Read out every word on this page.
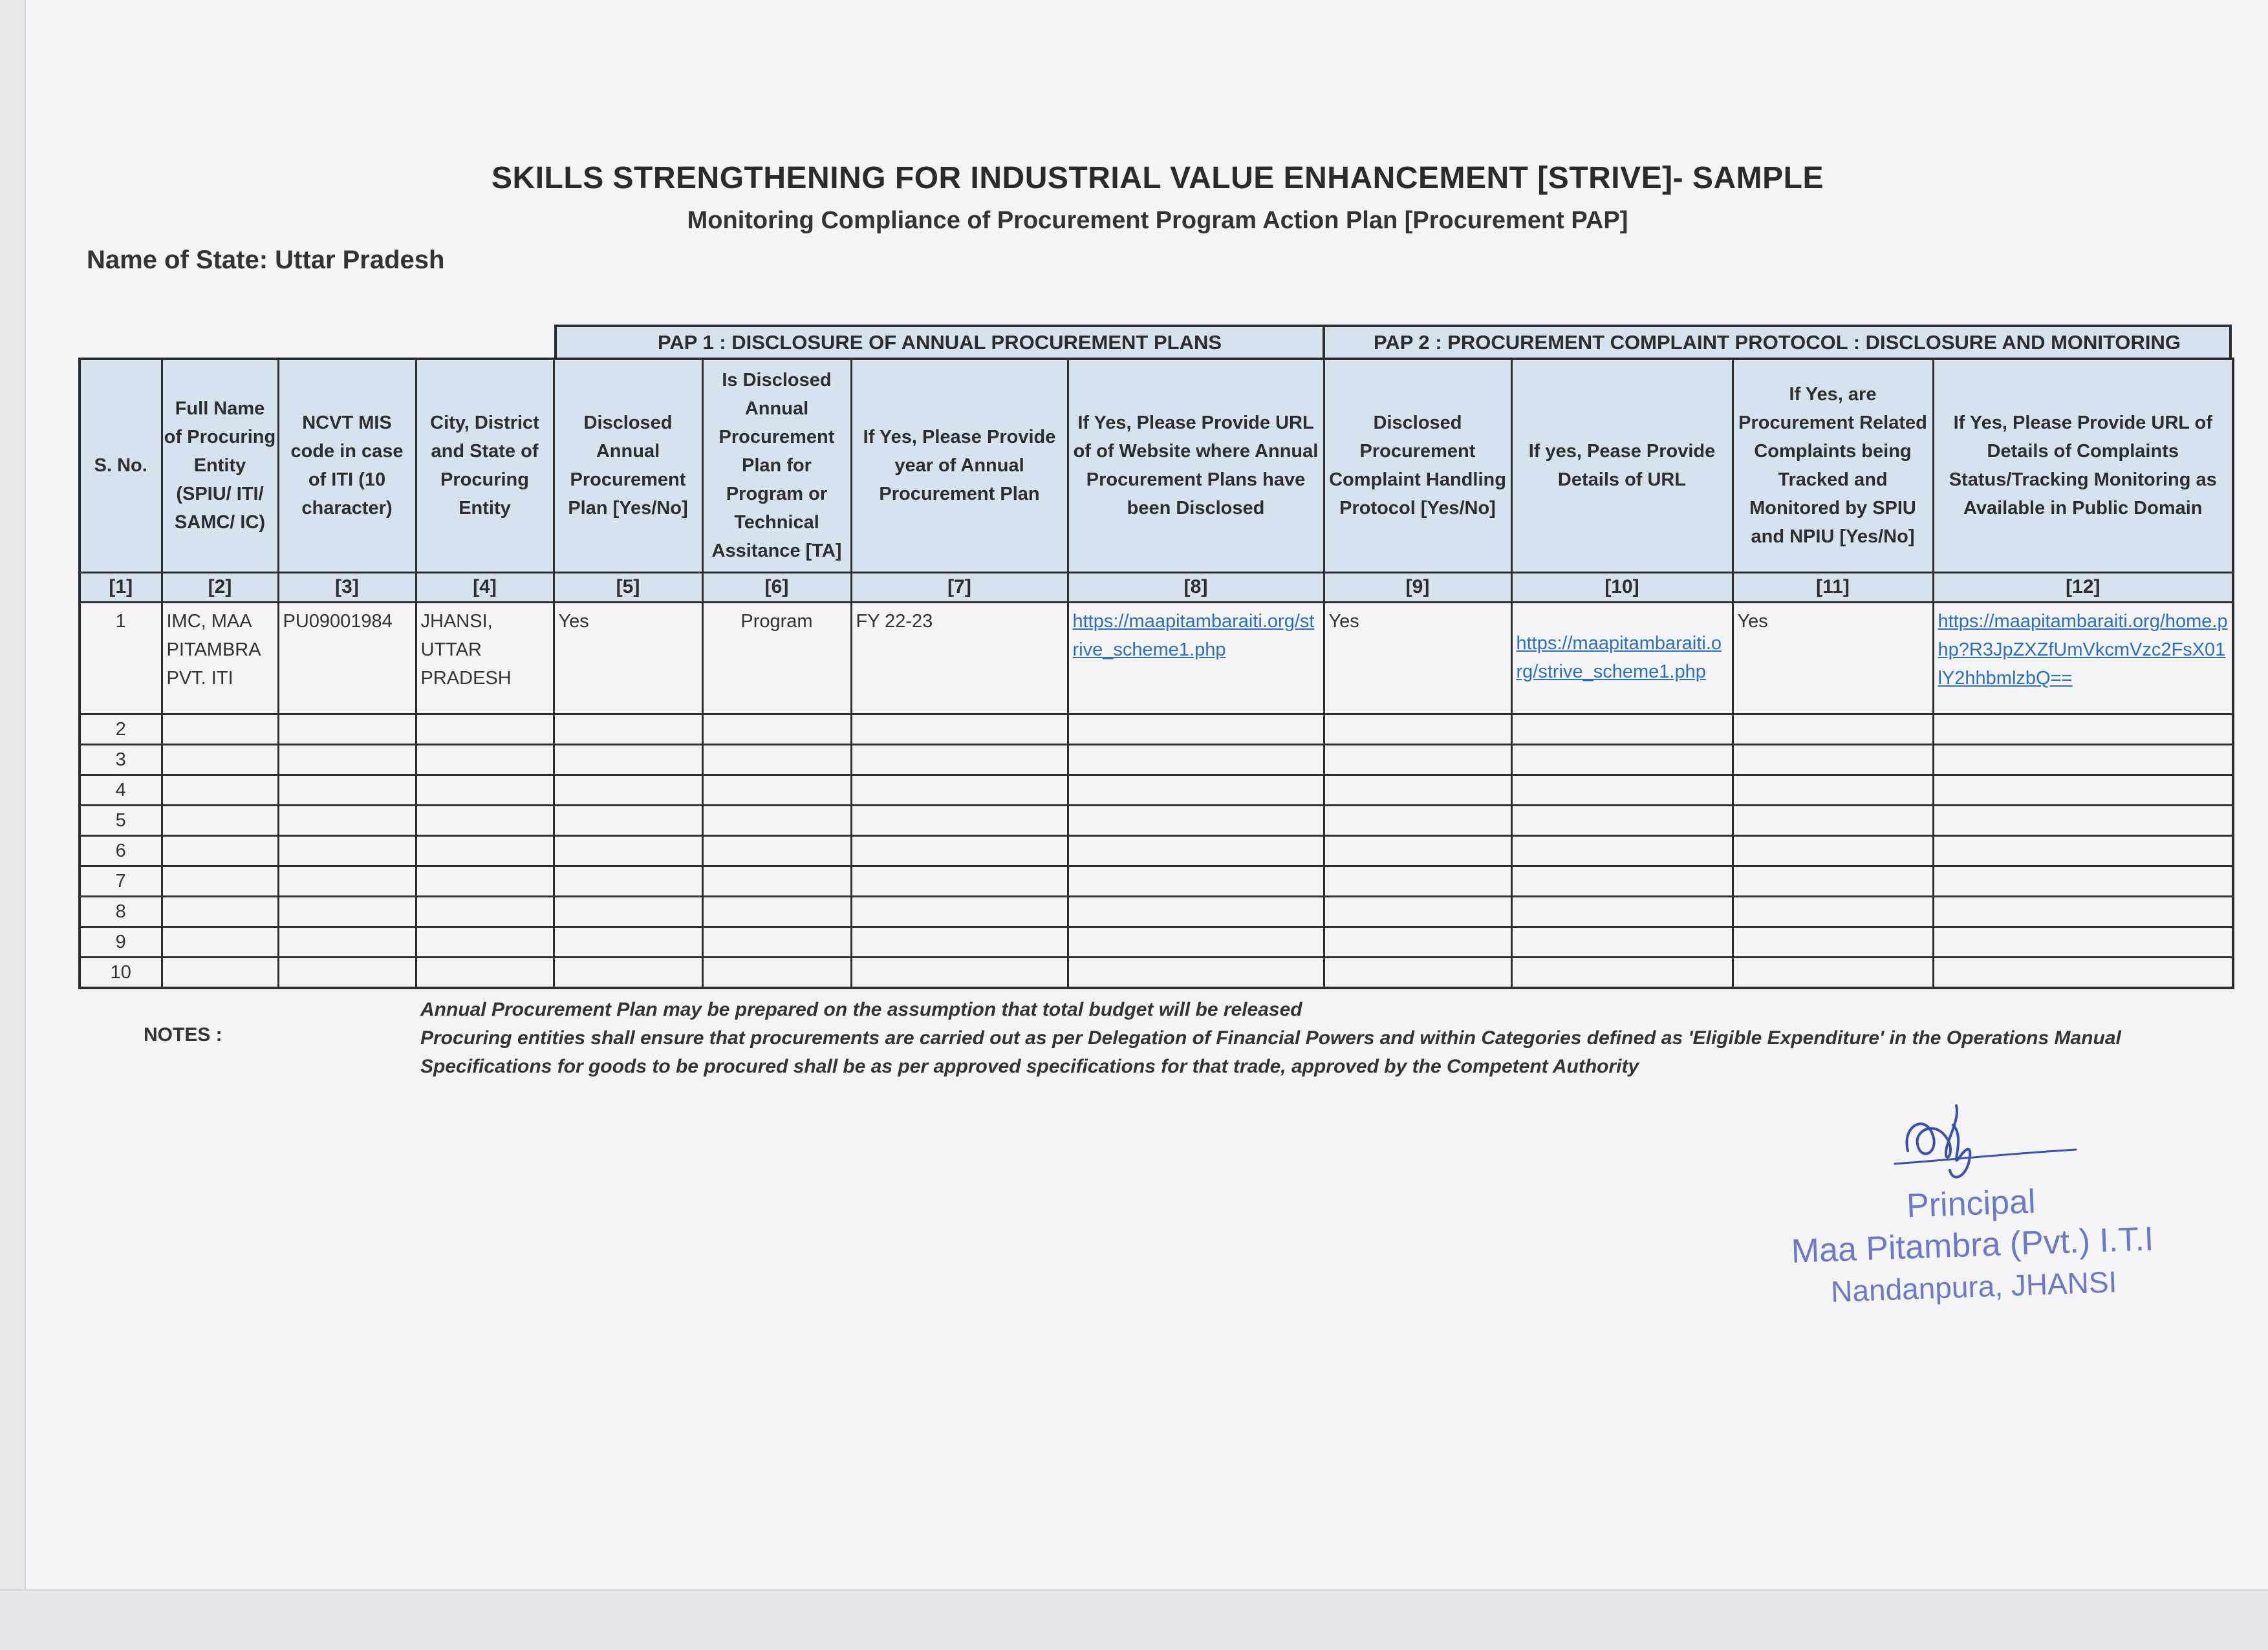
SKILLS STRENGTHENING FOR INDUSTRIAL VALUE ENHANCEMENT [STRIVE]- SAMPLE
Monitoring Compliance of Procurement Program Action Plan [Procurement PAP]
Name of State: Uttar Pradesh
PAP 1 : DISCLOSURE OF ANNUAL PROCUREMENT PLANS	PAP 2 : PROCUREMENT COMPLAINT PROTOCOL : DISCLOSURE AND MONITORING
S. No.	Full Name of Procuring Entity (SPIU/ ITI/ SAMC/ IC)	NCVT MIS code in case of ITI (10 character)	City, District and State of Procuring Entity	Disclosed Annual Procurement Plan [Yes/No]	Is Disclosed Annual Procurement Plan for Program or Technical Assitance [TA]	If Yes, Please Provide year of Annual Procurement Plan	If Yes, Please Provide URL of of Website where Annual Procurement Plans have been Disclosed	Disclosed Procurement Complaint Handling Protocol [Yes/No]	If yes, Pease Provide Details of URL	If Yes, are Procurement Related Complaints being Tracked and Monitored by SPIU and NPIU [Yes/No]	If Yes, Please Provide URL of Details of Complaints Status/Tracking Monitoring as Available in Public Domain
[1]	[2]	[3]	[4]	[5]	[6]	[7]	[8]	[9]	[10]	[11]	[12]
1	IMC, MAA PITAMBRA PVT. ITI	PU09001984	JHANSI, UTTAR PRADESH	Yes	Program	FY 22-23	https://maapitambaraiti.org/strive_scheme1.php	Yes	https://maapitambaraiti.org/strive_scheme1.php	Yes	https://maapitambaraiti.org/home.php?R3JpZXZfUmVkcmVzc2FsX01lY2hhbmlzbQ==
2											
3											
4											
5											
6											
7											
8											
9											
10											
NOTES :
Annual Procurement Plan may be prepared on the assumption that total budget will be released
Procuring entities shall ensure that procurements are carried out as per Delegation of Financial Powers and within Categories defined as 'Eligible Expenditure' in the Operations Manual
Specifications for goods to be procured shall be as per approved specifications for that trade, approved by the Competent Authority
Principal
Maa Pitambra (Pvt.) I.T.I
Nandanpura, JHANSI
